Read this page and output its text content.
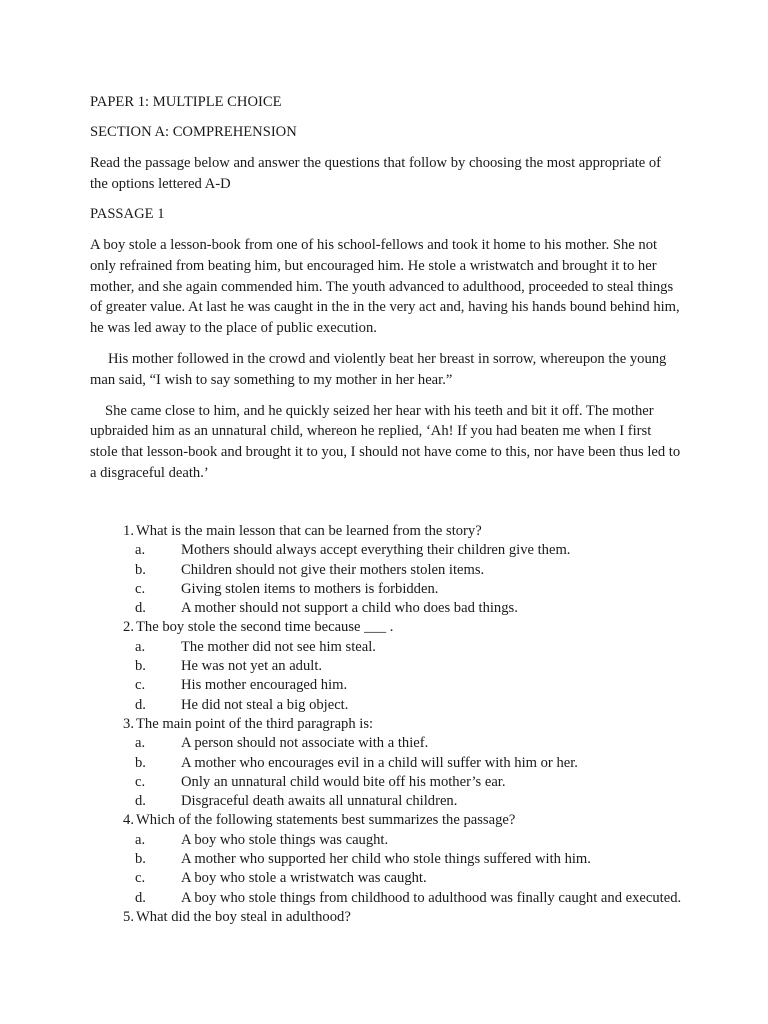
PAPER 1: MULTIPLE CHOICE

SECTION A: COMPREHENSION

Read the passage below and answer the questions that follow by choosing the most appropriate of the options lettered A-D

PASSAGE 1

A boy stole a lesson-book from one of his school-fellows and took it home to his mother. She not only refrained from beating him, but encouraged him. He stole a wristwatch and brought it to her mother, and she again commended him. The youth advanced to adulthood, proceeded to steal things of greater value. At last he was caught in the in the very act and, having his hands bound behind him, he was led away to the place of public execution.

His mother followed in the crowd and violently beat her breast in sorrow, whereupon the young man said, “I wish to say something to my mother in her hear.”

She came close to him, and he quickly seized her hear with his teeth and bit it off. The mother upbraided him as an unnatural child, whereon he replied, ‘Ah! If you had beaten me when I first stole that lesson-book and brought it to you, I should not have come to this, nor have been thus led to a disgraceful death.’

1. What is the main lesson that can be learned from the story?
a.	Mothers should always accept everything their children give them.
b.	Children should not give their mothers stolen items.
c.	Giving stolen items to mothers is forbidden.
d.	A mother should not support a child who does bad things.
2. The boy stole the second time because ___ .
a.	The mother did not see him steal.
b.	He was not yet an adult.
c.	His mother encouraged him.
d.	He did not steal a big object.
3. The main point of the third paragraph is:
a.	A person should not associate with a thief.
b.	A mother who encourages evil in a child will suffer with him or her.
c.	Only an unnatural child would bite off his mother’s ear.
d.	Disgraceful death awaits all unnatural children.
4. Which of the following statements best summarizes the passage?
a.	A boy who stole things was caught.
b.	A mother who supported her child who stole things suffered with him.
c.	A boy who stole a wristwatch was caught.
d.	A boy who stole things from childhood to adulthood was finally caught and executed.
5. What did the boy steal in adulthood?
